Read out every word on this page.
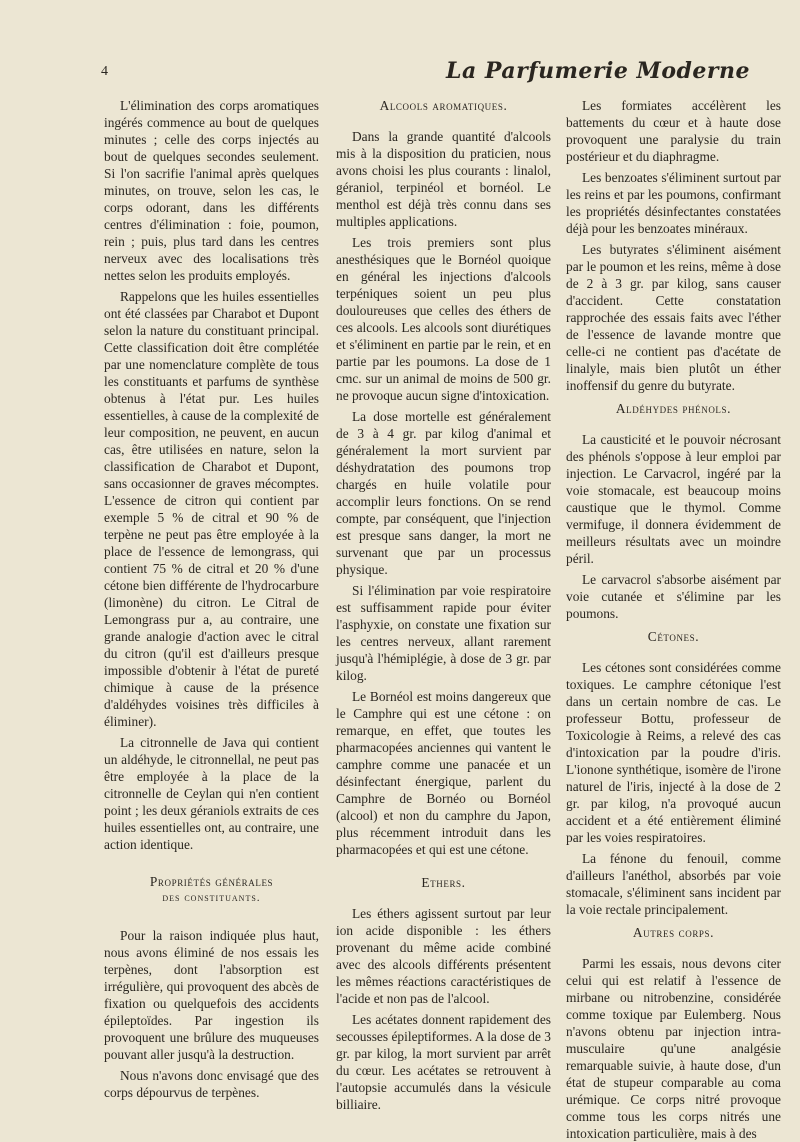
4	La Parfumerie Moderne

L'élimination des corps aromatiques ingérés commence au bout de quelques minutes ; celle des corps injectés au bout de quelques secondes seulement. Si l'on sacrifie l'animal après quelques minutes, on trouve, selon les cas, le corps odorant, dans les différents centres d'élimination : foie, poumon, rein ; puis, plus tard dans les centres nerveux avec des localisations très nettes selon les produits employés.

Rappelons que les huiles essentielles ont été classées par Charabot et Dupont selon la nature du constituant principal. Cette classification doit être complétée par une nomenclature complète de tous les constituants et parfums de synthèse obtenus à l'état pur. Les huiles essentielles, à cause de la complexité de leur composition, ne peuvent, en aucun cas, être utilisées en nature, selon la classification de Charabot et Dupont, sans occasionner de graves mécomptes. L'essence de citron qui contient par exemple 5 % de citral et 90 % de terpène ne peut pas être employée à la place de l'essence de lemongrass, qui contient 75 % de citral et 20 % d'une cétone bien différente de l'hydrocarbure (limonène) du citron. Le Citral de Lemongrass pur a, au contraire, une grande analogie d'action avec le citral du citron (qu'il est d'ailleurs presque impossible d'obtenir à l'état de pureté chimique à cause de la présence d'aldéhydes voisines très difficiles à éliminer).

La citronnelle de Java qui contient un aldéhyde, le citronnellal, ne peut pas être employée à la place de la citronnelle de Ceylan qui n'en contient point ; les deux géraniols extraits de ces huiles essentielles ont, au contraire, une action identique.

Propriétés générales
des constituants.

Pour la raison indiquée plus haut, nous avons éliminé de nos essais les terpènes, dont l'absorption est irrégulière, qui provoquent des abcès de fixation ou quelquefois des accidents épileptoïdes. Par ingestion ils provoquent une brûlure des muqueuses pouvant aller jusqu'à la destruction.

Nous n'avons donc envisagé que des corps dépourvus de terpènes.

Alcools aromatiques.

Dans la grande quantité d'alcools mis à la disposition du praticien, nous avons choisi les plus courants : linalol, géraniol, terpinéol et bornéol. Le menthol est déjà très connu dans ses multiples applications.

Les trois premiers sont plus anesthésiques que le Bornéol quoique en général les injections d'alcools terpéniques soient un peu plus douloureuses que celles des éthers de ces alcools. Les alcools sont diurétiques et s'éliminent en partie par le rein, et en partie par les poumons. La dose de 1 cmc. sur un animal de moins de 500 gr. ne provoque aucun signe d'intoxication.

La dose mortelle est généralement de 3 à 4 gr. par kilog d'animal et généralement la mort survient par déshydratation des poumons trop chargés en huile volatile pour accomplir leurs fonctions. On se rend compte, par conséquent, que l'injection est presque sans danger, la mort ne survenant que par un processus physique.

Si l'élimination par voie respiratoire est suffisamment rapide pour éviter l'asphyxie, on constate une fixation sur les centres nerveux, allant rarement jusqu'à l'hémiplégie, à dose de 3 gr. par kilog.

Le Bornéol est moins dangereux que le Camphre qui est une cétone : on remarque, en effet, que toutes les pharmacopées anciennes qui vantent le camphre comme une panacée et un désinfectant énergique, parlent du Camphre de Bornéo ou Bornéol (alcool) et non du camphre du Japon, plus récemment introduit dans les pharmacopées et qui est une cétone.

Ethers.

Les éthers agissent surtout par leur ion acide disponible : les éthers provenant du même acide combiné avec des alcools différents présentent les mêmes réactions caractéristiques de l'acide et non pas de l'alcool.

Les acétates donnent rapidement des secousses épileptiformes. A la dose de 3 gr. par kilog, la mort survient par arrêt du cœur. Les acétates se retrouvent à l'autopsie accumulés dans la vésicule billiaire.

Les formiates accélèrent les battements du cœur et à haute dose provoquent une paralysie du train postérieur et du diaphragme.

Les benzoates s'éliminent surtout par les reins et par les poumons, confirmant les propriétés désinfectantes constatées déjà pour les benzoates minéraux.

Les butyrates s'éliminent aisément par le poumon et les reins, même à dose de 2 à 3 gr. par kilog, sans causer d'accident. Cette constatation rapprochée des essais faits avec l'éther de l'essence de lavande montre que celle-ci ne contient pas d'acétate de linalyle, mais bien plutôt un éther inoffensif du genre du butyrate.

Aldéhydes phénols.

La causticité et le pouvoir nécrosant des phénols s'oppose à leur emploi par injection. Le Carvacrol, ingéré par la voie stomacale, est beaucoup moins caustique que le thymol. Comme vermifuge, il donnera évidemment de meilleurs résultats avec un moindre péril.

Le carvacrol s'absorbe aisément par voie cutanée et s'élimine par les poumons.

Cétones.

Les cétones sont considérées comme toxiques. Le camphre cétonique l'est dans un certain nombre de cas. Le professeur Bottu, professeur de Toxicologie à Reims, a relevé des cas d'intoxication par la poudre d'iris. L'ionone synthétique, isomère de l'irone naturel de l'iris, injecté à la dose de 2 gr. par kilog, n'a provoqué aucun accident et a été entièrement éliminé par les voies respiratoires.

La fénone du fenouil, comme d'ailleurs l'anéthol, absorbés par voie stomacale, s'éliminent sans incident par la voie rectale principalement.

Autres corps.

Parmi les essais, nous devons citer celui qui est relatif à l'essence de mirbane ou nitrobenzine, considérée comme toxique par Eulemberg. Nous n'avons obtenu par injection intra-musculaire qu'une analgésie remarquable suivie, à haute dose, d'un état de stupeur comparable au coma urémique. Ce corps nitré provoque comme tous les corps nitrés une intoxication particulière, mais à des
